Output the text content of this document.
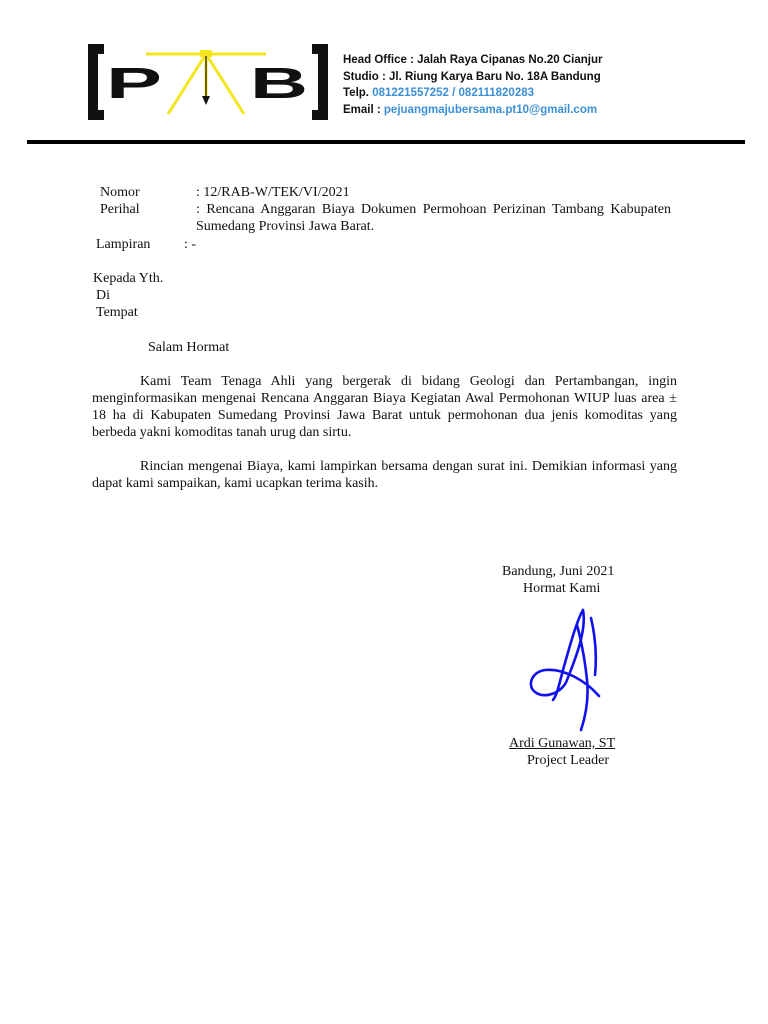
P B	Head Office : Jalah Raya Cipanas No.20 Cianjur
Studio : Jl. Riung Karya Baru No. 18A Bandung
Telp. 081221557252 / 082111820283
Email : pejuangmajubersama.pt10@gmail.com
Nomor	: 12/RAB-W/TEK/VI/2021
Perihal	: Rencana Anggaran Biaya Dokumen Permohoan Perizinan Tambang Kabupaten Sumedang Provinsi Jawa Barat.
Lampiran : -
Kepada Yth.
Di
Tempat
Salam Hormat
Kami Team Tenaga Ahli yang bergerak di bidang Geologi dan Pertambangan, ingin menginformasikan mengenai Rencana Anggaran Biaya Kegiatan Awal Permohonan WIUP luas area ± 18 ha di Kabupaten Sumedang Provinsi Jawa Barat untuk permohonan dua jenis komoditas yang berbeda yakni komoditas tanah urug dan sirtu.
Rincian mengenai Biaya, kami lampirkan bersama dengan surat ini. Demikian informasi yang dapat kami sampaikan, kami ucapkan terima kasih.
Bandung, Juni 2021
Hormat Kami
Ardi Gunawan, ST
Project Leader
